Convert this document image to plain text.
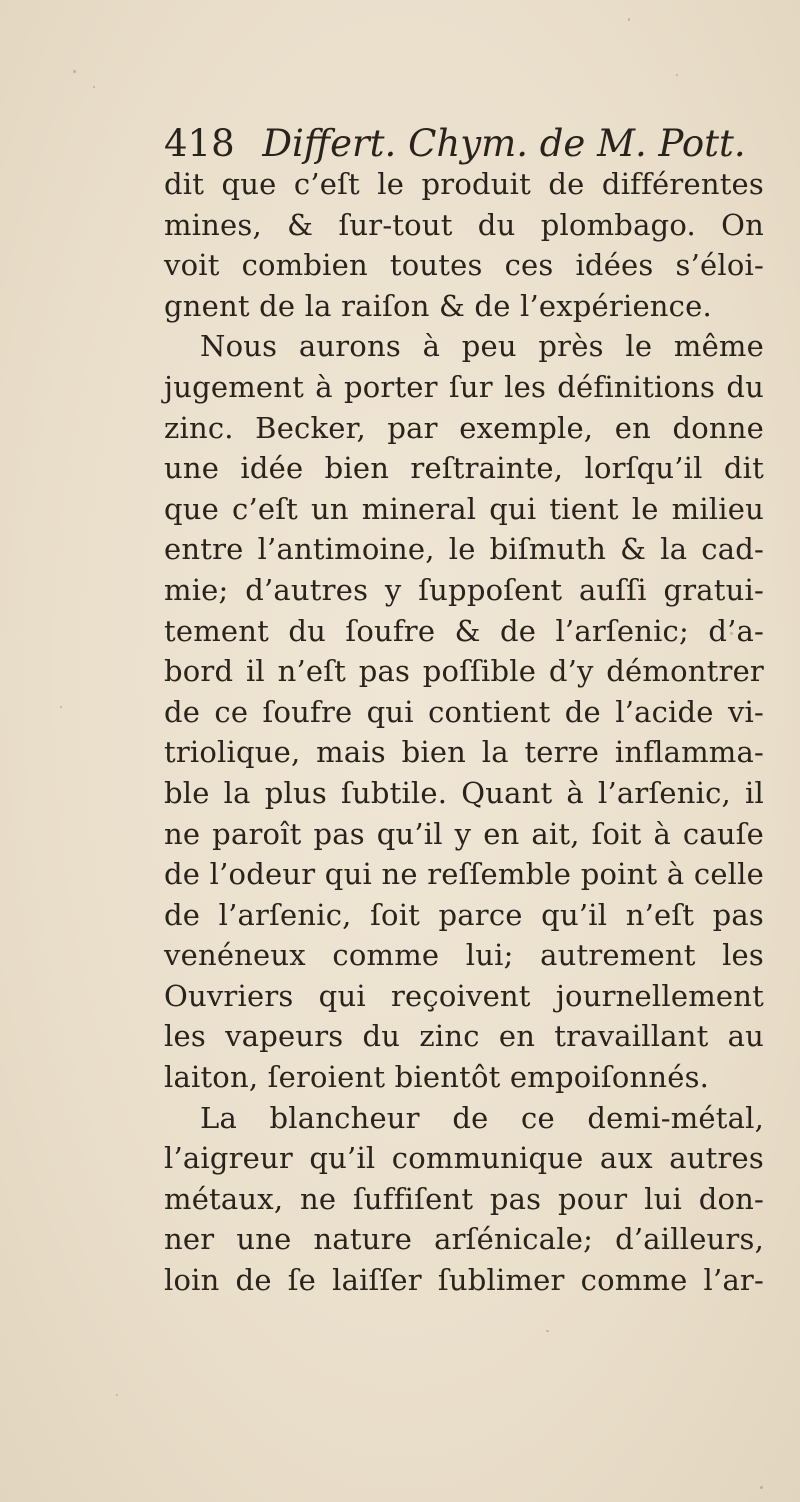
418 Differt. Chym. de M. Pott.
dit que c’eſt le produit de différentes
mines, & ſur-tout du plombago. On
voit combien toutes ces idées s’éloi-
gnent de la raiſon & de l’expérience.
Nous aurons à peu près le même
jugement à porter ſur les définitions du
zinc. Becker, par exemple, en donne
une idée bien reſtrainte, lorſqu’il dit
que c’eſt un mineral qui tient le milieu
entre l’antimoine, le biſmuth & la cad-
mie; d’autres y ſuppoſent auſſi gratui-
tement du ſoufre & de l’arſenic; d’a-
bord il n’eſt pas poſſible d’y démontrer
de ce ſoufre qui contient de l’acide vi-
triolique, mais bien la terre inflamma-
ble la plus ſubtile. Quant à l’arſenic, il
ne paroît pas qu’il y en ait, ſoit à cauſe
de l’odeur qui ne reſſemble point à celle
de l’arſenic, ſoit parce qu’il n’eſt pas
venéneux comme lui; autrement les
Ouvriers qui reçoivent journellement
les vapeurs du zinc en travaillant au
laiton, ſeroient bientôt empoiſonnés.
La blancheur de ce demi-métal,
l’aigreur qu’il communique aux autres
métaux, ne ſuffiſent pas pour lui don-
ner une nature arſénicale; d’ailleurs,
loin de ſe laiſſer ſublimer comme l’ar-
